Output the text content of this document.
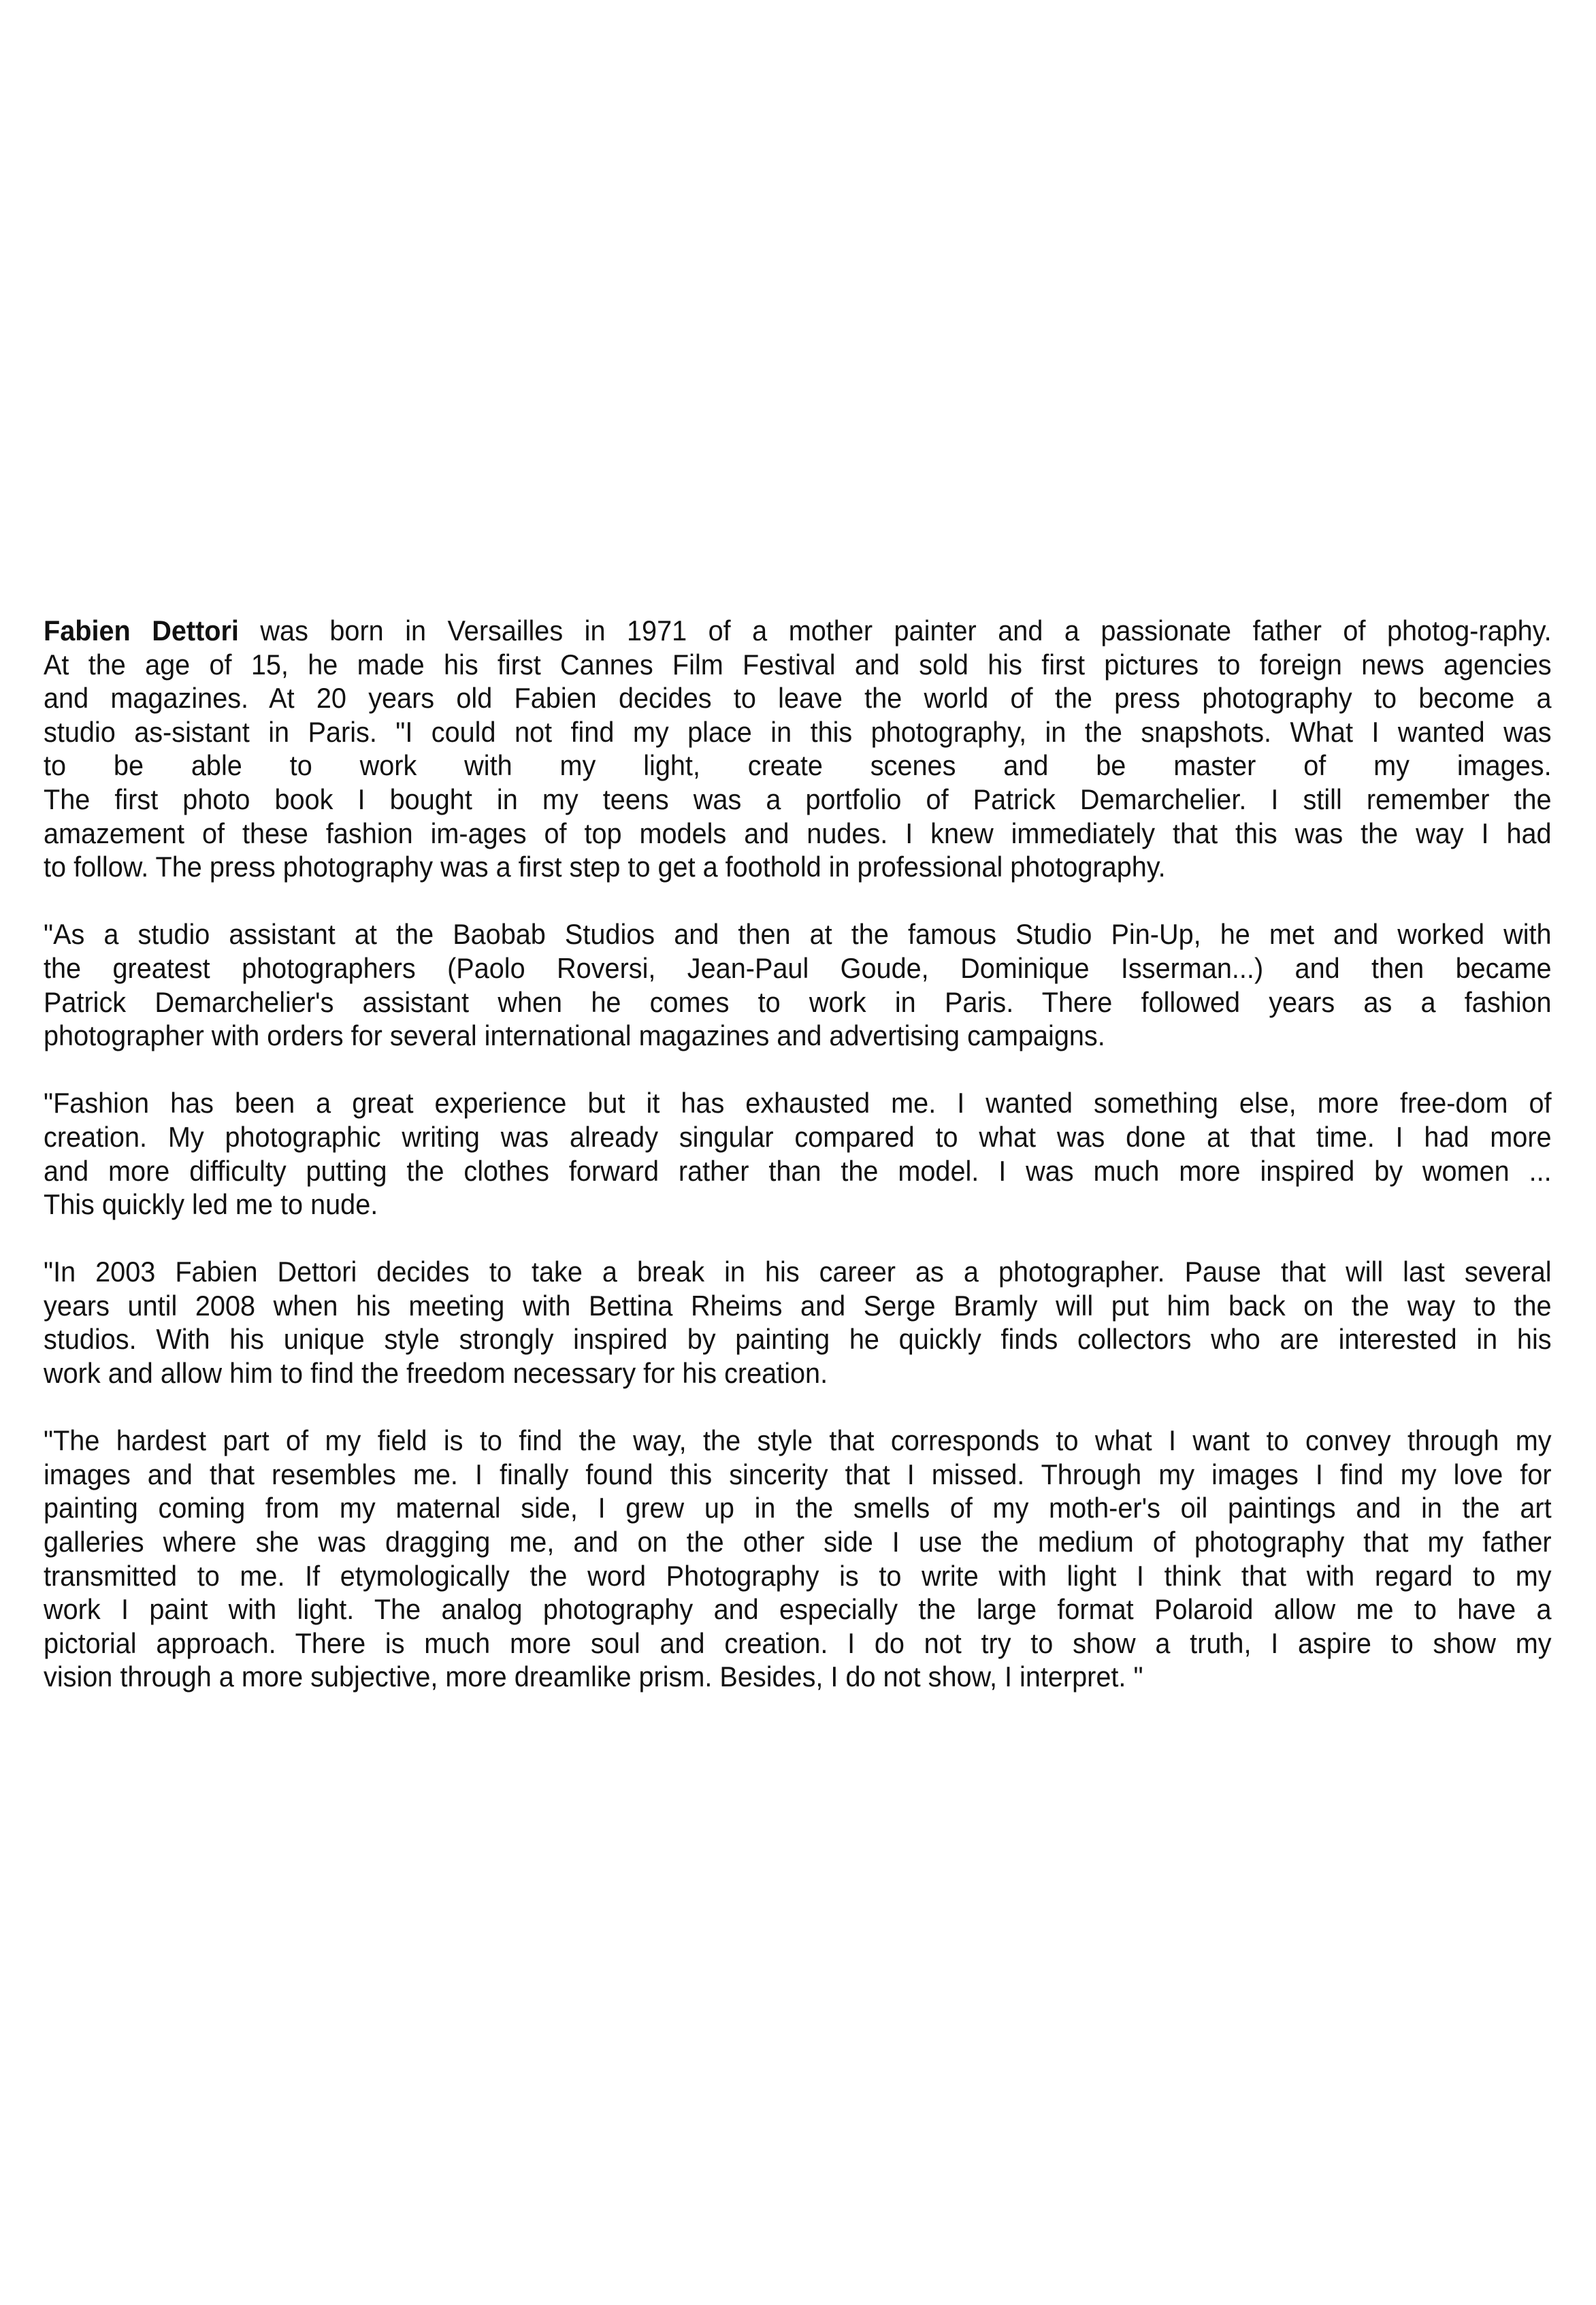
Fabien Dettori was born in Versailles in 1971 of a mother painter and a passionate father of photog-raphy.
At the age of 15, he made his first Cannes Film Festival and sold his first pictures to foreign news agencies
and magazines. At 20 years old Fabien decides to leave the world of the press photography to become a
studio as-sistant in Paris. "I could not find my place in this photography, in the snapshots. What I wanted was
to be able to work with my light, create scenes and be master of my images.
The first photo book I bought in my teens was a portfolio of Patrick Demarchelier. I still remember the
amazement of these fashion im-ages of top models and nudes. I knew immediately that this was the way I had
to follow. The press photography was a first step to get a foothold in professional photography.

"As a studio assistant at the Baobab Studios and then at the famous Studio Pin-Up, he met and worked with
the greatest photographers (Paolo Roversi, Jean-Paul Goude, Dominique Isserman...) and then became
Patrick Demarchelier's assistant when he comes to work in Paris. There followed years as a fashion
photographer with orders for several international magazines and advertising campaigns.

"Fashion has been a great experience but it has exhausted me. I wanted something else, more free-dom of
creation. My photographic writing was already singular compared to what was done at that time. I had more
and more difficulty putting the clothes forward rather than the model. I was much more inspired by women ...
This quickly led me to nude.

"In 2003 Fabien Dettori decides to take a break in his career as a photographer. Pause that will last several
years until 2008 when his meeting with Bettina Rheims and Serge Bramly will put him back on the way to the
studios. With his unique style strongly inspired by painting he quickly finds collectors who are interested in his
work and allow him to find the freedom necessary for his creation.

"The hardest part of my field is to find the way, the style that corresponds to what I want to convey through my
images and that resembles me. I finally found this sincerity that I missed. Through my images I find my love for
painting coming from my maternal side, I grew up in the smells of my moth-er's oil paintings and in the art
galleries where she was dragging me, and on the other side I use the medium of photography that my father
transmitted to me. If etymologically the word Photography is to write with light I think that with regard to my
work I paint with light. The analog photography and especially the large format Polaroid allow me to have a
pictorial approach. There is much more soul and creation. I do not try to show a truth, I aspire to show my
vision through a more subjective, more dreamlike prism. Besides, I do not show, I interpret. "
